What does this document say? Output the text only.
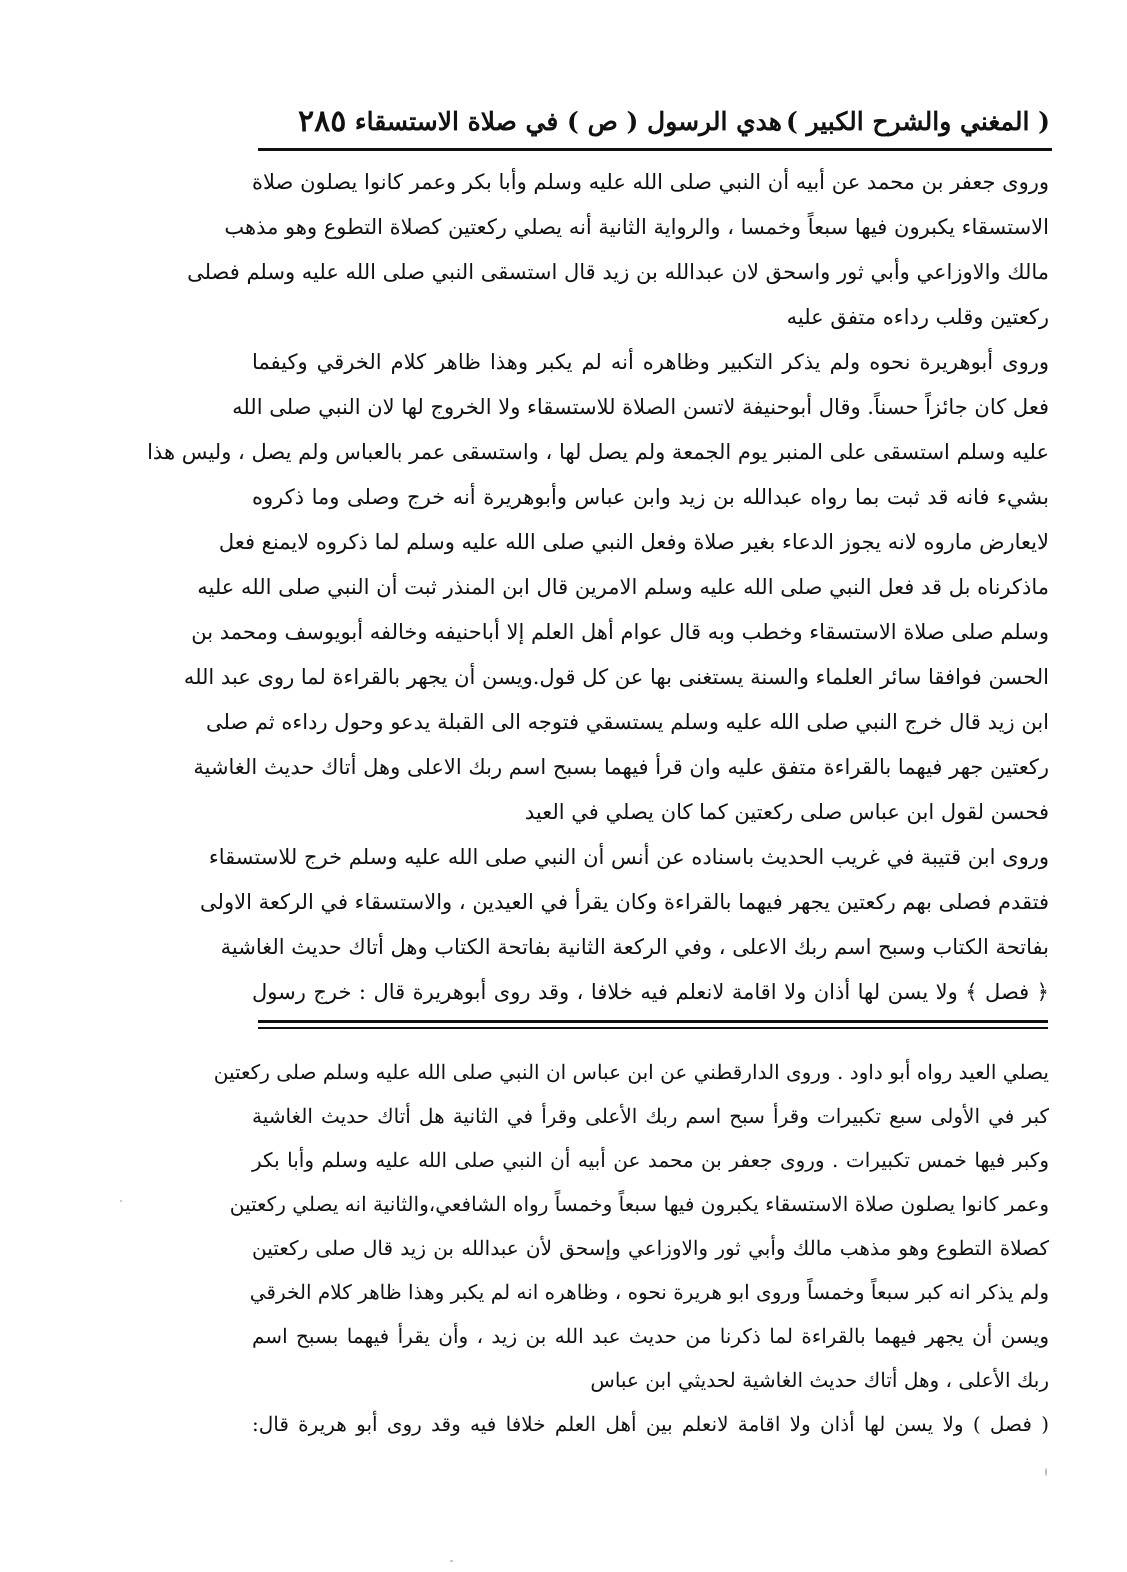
( المغني والشرح الكبير )
هدي الرسول ( ص ) في صلاة الاستسقاء
٢٨٥
وروى جعفر بن محمد عن أبيه أن النبي صلى الله عليه وسلم وأبا بكر وعمر كانوا يصلون صلاة
الاستسقاء يكبرون فيها سبعاً وخمسا ، والرواية الثانية أنه يصلي ركعتين كصلاة التطوع وهو مذهب
مالك والاوزاعي وأبي ثور واسحق لان عبدالله بن زيد قال استسقى النبي صلى الله عليه وسلم فصلى
ركعتين وقلب رداءه متفق عليه
وروى أبوهريرة نحوه ولم يذكر التكبير وظاهره أنه لم يكبر وهذا ظاهر كلام الخرقي وكيفما
فعل كان جائزاً حسناً. وقال أبوحنيفة لاتسن الصلاة للاستسقاء ولا الخروج لها لان النبي صلى الله
عليه وسلم استسقى على المنبر يوم الجمعة ولم يصل لها ، واستسقى عمر بالعباس ولم يصل ، وليس هذا
بشيء فانه قد ثبت بما رواه عبدالله بن زيد وابن عباس وأبوهريرة أنه خرج وصلى وما ذكروه
لايعارض ماروه لانه يجوز الدعاء بغير صلاة وفعل النبي صلى الله عليه وسلم لما ذكروه لايمنع فعل
ماذكرناه بل قد فعل النبي صلى الله عليه وسلم الامرين قال ابن المنذر ثبت أن النبي صلى الله عليه
وسلم صلى صلاة الاستسقاء وخطب وبه قال عوام أهل العلم إلا أباحنيفه وخالفه أبويوسف ومحمد بن
الحسن فوافقا سائر العلماء والسنة يستغنى بها عن كل قول.ويسن أن يجهر بالقراءة لما روى عبد الله
ابن زيد قال خرج النبي صلى الله عليه وسلم يستسقي فتوجه الى القبلة يدعو وحول رداءه ثم صلى
ركعتين جهر فيهما بالقراءة متفق عليه وان قرأ فيهما بسبح اسم ربك الاعلى وهل أتاك حديث الغاشية
فحسن لقول ابن عباس صلى ركعتين كما كان يصلي في العيد
وروى ابن قتيبة في غريب الحديث باسناده عن أنس أن النبي صلى الله عليه وسلم خرج للاستسقاء
فتقدم فصلى بهم ركعتين يجهر فيهما بالقراءة وكان يقرأ في العيدين ، والاستسقاء في الركعة الاولى
بفاتحة الكتاب وسبح اسم ربك الاعلى ، وفي الركعة الثانية بفاتحة الكتاب وهل أتاك حديث الغاشية
﴿ فصل ﴾ ولا يسن لها أذان ولا اقامة لانعلم فيه خلافا ، وقد روى أبوهريرة قال : خرج رسول
يصلي العيد رواه أبو داود . وروى الدارقطني عن ابن عباس ان النبي صلى الله عليه وسلم صلى ركعتين
كبر في الأولى سبع تكبيرات وقرأ سبح اسم ربك الأعلى وقرأ في الثانية هل أتاك حديث الغاشية
وكبر فيها خمس تكبيرات . وروى جعفر بن محمد عن أبيه أن النبي صلى الله عليه وسلم وأبا بكر
وعمر كانوا يصلون صلاة الاستسقاء يكبرون فيها سبعاً وخمساً رواه الشافعي،والثانية انه يصلي ركعتين
كصلاة التطوع وهو مذهب مالك وأبي ثور والاوزاعي وإسحق لأن عبدالله بن زيد قال صلى ركعتين
ولم يذكر انه كبر سبعاً وخمساً وروى ابو هريرة نحوه ، وظاهره انه لم يكبر وهذا ظاهر كلام الخرقي
ويسن أن يجهر فيهما بالقراءة لما ذكرنا من حديث عبد الله بن زيد ، وأن يقرأ فيهما بسبح اسم
ربك الأعلى ، وهل أتاك حديث الغاشية لحديثي ابن عباس
( فصل ) ولا يسن لها أذان ولا اقامة لانعلم بين أهل العلم خلافا فيه وقد روى أبو هريرة قال:
